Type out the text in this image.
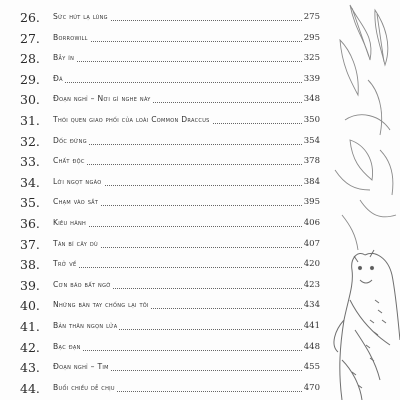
26. Sức hút lạ lùng	275
27. Borrowill	295
28. Bẫy ín	325
29. Đá	339
30. Đoạn nghỉ – Nơi gì nghe này	348
31. Thói quen giao phối của loài Common Draccus	350
32. Dốc đứng	354
33. Chất độc	378
34. Lời ngọt ngào	384
35. Chạm vào sắt	395
36. Kiêu hãnh	406
37. Tán bí cây dù	407
38. Trở về	420
39. Cơn bão bất ngờ	423
40. Những bàn tay chống lại tôi	434
41. Bản thân ngọn lửa	441
42. Bạc đạn	448
43. Đoạn nghỉ – Tim	455
44. Buổi chiều dễ chịu	470
